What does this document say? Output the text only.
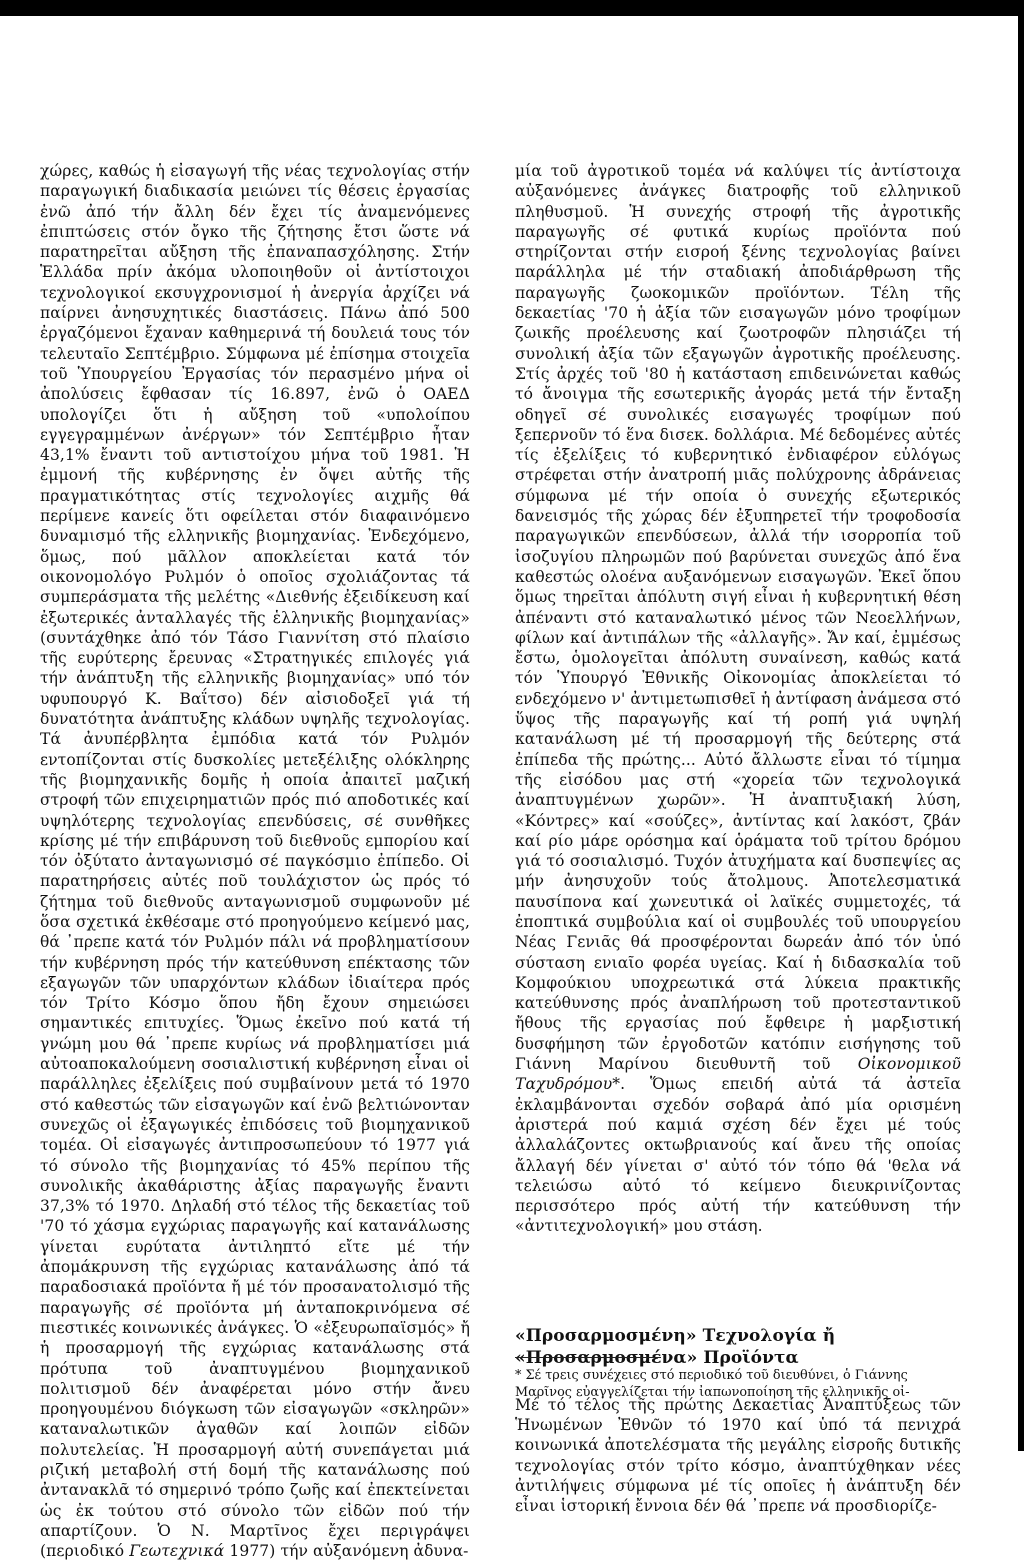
χώρες, καθώς ἡ εἰσαγωγή τῆς νέας τεχνολογίας στήν παραγωγική διαδικασία μειώνει τίς θέσεις ἐργασίας ἐνῶ ἀπό τήν ἄλλη δέν ἔχει τίς ἀναμενόμενες ἐπιπτώσεις στόν ὄγκο τῆς ζήτησης ἔτσι ὥστε νά παρατηρεῖται αὔξηση τῆς ἐπαναπασχόλησης. Στήν Ἑλλάδα πρίν ἀκόμα υλοποιηθοῦν οἱ ἀντίστοιχοι τεχνολογικοί εκσυγχρονισμοί ἡ ἀνεργία ἀρχίζει νά παίρνει ἀνησυχητικές διαστάσεις. Πάνω ἀπό 500 ἐργαζόμενοι ἔχαναν καθημερινά τή δουλειά τους τόν τελευταῖο Σεπτέμβριο. Σύμφωνα μέ ἐπίσημα στοιχεῖα τοῦ Ὑπουργείου Ἐργασίας τόν περασμένο μήνα οἱ ἀπολύσεις ἔφθασαν τίς 16.897, ἐνῶ ὁ ΟΑΕΔ υπολογίζει ὅτι ἡ αὔξηση τοῦ «υπολοίπου εγγεγραμμένων ἀνέργων» τόν Σεπτέμβριο ἦταν 43,1% ἔναντι τοῦ αντιστοίχου μήνα τοῦ 1981. Ἡ ἐμμονή τῆς κυβέρνησης ἐν ὄψει αὐτῆς τῆς πραγματικότητας στίς τεχνολογίες αιχμῆς θά περίμενε κανείς ὅτι οφείλεται στόν διαφαινόμενο δυναμισμό τῆς ελληνικῆς βιομηχανίας. Ἐνδεχόμενο, ὅμως, πού μᾶλλον αποκλείεται κατά τόν οικονομολόγο Ρυλμόν ὁ οποῖος σχολιάζοντας τά συμπεράσματα τῆς μελέτης «Διεθνής ἐξειδίκευση καί ἐξωτερικές ἀνταλλαγές τῆς ἑλληνικῆς βιομηχανίας» (συντάχθηκε ἀπό τόν Τάσο Γιαννίτση στό πλαίσιο τῆς ευρύτερης ἔρευνας «Στρατηγικές επιλογές γιά τήν ἀνάπτυξη τῆς ελληνικῆς βιομηχανίας» υπό τόν υφυπουργό Κ. Βαΐτσο) δέν αἰσιοδοξεῖ γιά τή δυνατότητα ἀνάπτυξης κλάδων υψηλῆς τεχνολογίας. Τά ἀνυπέρβλητα ἐμπόδια κατά τόν Ρυλμόν εντοπίζονται στίς δυσκολίες μετεξέλιξης ολόκληρης τῆς βιομηχανικῆς δομῆς ἡ οποία ἀπαιτεῖ μαζική στροφή τῶν επιχειρηματιῶν πρός πιό αποδοτικές καί υψηλότερης τεχνολογίας επενδύσεις, σέ συνθῆκες κρίσης μέ τήν επιβάρυνση τοῦ διεθνοῦς εμπορίου καί τόν ὀξύτατο ἀνταγωνισμό σέ παγκόσμιο ἐπίπεδο. Οἱ παρατηρήσεις αὐτές ποῦ τουλάχιστον ὡς πρός τό ζήτημα τοῦ διεθνοῦς ανταγωνισμοῦ συμφωνοῦν μέ ὅσα σχετικά ἐκθέσαμε στό προηγούμενο κείμενό μας, θά ᾽πρεπε κατά τόν Ρυλμόν πάλι νά προβληματίσουν τήν κυβέρνηση πρός τήν κατεύθυνση επέκτασης τῶν εξαγωγῶν τῶν υπαρχόντων κλάδων ἰδιαίτερα πρός τόν Τρίτο Κόσμο ὅπου ἤδη ἔχουν σημειώσει σημαντικές επιτυχίες. Ὅμως ἐκεῖνο πού κατά τή γνώμη μου θά ᾽πρεπε κυρίως νά προβληματίσει μιά αὐτοαποκαλούμενη σοσιαλιστική κυβέρνηση εἶναι οἱ παράλληλες ἐξελίξεις πού συμβαίνουν μετά τό 1970 στό καθεστώς τῶν εἰσαγωγῶν καί ἐνῶ βελτιώνονταν συνεχῶς οἱ ἐξαγωγικές ἐπιδόσεις τοῦ βιομηχανικοῦ τομέα. Οἱ εἰσαγωγές ἀντιπροσωπεύουν τό 1977 γιά τό σύνολο τῆς βιομηχανίας τό 45% περίπου τῆς συνολικῆς ἀκαθάριστης ἀξίας παραγωγῆς ἔναντι 37,3% τό 1970. Δηλαδή στό τέλος τῆς δεκαετίας τοῦ '70 τό χάσμα εγχώριας παραγωγῆς καί κατανάλωσης γίνεται ευρύτατα ἀντιληπτό εἴτε μέ τήν ἀπομάκρυνση τῆς εγχώριας κατανάλωσης ἀπό τά παραδοσιακά προϊόντα ἤ μέ τόν προσανατολισμό τῆς παραγωγῆς σέ προϊόντα μή ἀνταποκρινόμενα σέ πιεστικές κοινωνικές ἀνάγκες. Ὁ «ἐξευρωπαϊσμός» ἤ ἡ προσαρμογή τῆς εγχώριας κατανάλωσης στά πρότυπα τοῦ ἀναπτυγμένου βιομηχανικοῦ πολιτισμοῦ δέν ἀναφέρεται μόνο στήν ἄνευ προηγουμένου διόγκωση τῶν εἰσαγωγῶν «σκληρῶν» καταναλωτικῶν ἀγαθῶν καί λοιπῶν εἰδῶν πολυτελείας. Ἡ προσαρμογή αὐτή συνεπάγεται μιά ριζική μεταβολή στή δομή τῆς κατανάλωσης πού ἀντανακλᾶ τό σημερινό τρόπο ζωῆς καί ἐπεκτείνεται ὡς ἐκ τούτου στό σύνολο τῶν εἰδῶν πού τήν απαρτίζουν. Ὁ Ν. Μαρτῖνος ἔχει περιγράψει (περιοδικό Γεωτεχνικά 1977) τήν αὐξανόμενη ἀδυνα-

μία τοῦ ἀγροτικοῦ τομέα νά καλύψει τίς ἀντίστοιχα αὐξανόμενες ἀνάγκες διατροφῆς τοῦ ελληνικοῦ πληθυσμοῦ. Ἡ συνεχής στροφή τῆς ἀγροτικῆς παραγωγῆς σέ φυτικά κυρίως προϊόντα πού στηρίζονται στήν εισροή ξένης τεχνολογίας βαίνει παράλληλα μέ τήν σταδιακή ἀποδιάρθρωση τῆς παραγωγῆς ζωοκομικῶν προϊόντων. Τέλη τῆς δεκαετίας '70 ἡ ἀξία τῶν εισαγωγῶν μόνο τροφίμων ζωικῆς προέλευσης καί ζωοτροφῶν πλησιάζει τή συνολική ἀξία τῶν εξαγωγῶν ἀγροτικῆς προέλευσης. Στίς ἀρχές τοῦ '80 ἡ κατάσταση επιδεινώνεται καθώς τό ἄνοιγμα τῆς εσωτερικῆς ἀγοράς μετά τήν ἔνταξη οδηγεῖ σέ συνολικές εισαγωγές τροφίμων πού ξεπερνοῦν τό ἕνα δισεκ. δολλάρια. Μέ δεδομένες αὐτές τίς ἐξελίξεις τό κυβερνητικό ἐνδιαφέρον εὐλόγως στρέφεται στήν ἀνατροπή μιᾶς πολύχρονης ἀδράνειας σύμφωνα μέ τήν οποία ὁ συνεχής εξωτερικός δανεισμός τῆς χώρας δέν ἐξυπηρετεῖ τήν τροφοδοσία παραγωγικῶν επενδύσεων, ἀλλά τήν ισορροπία τοῦ ἰσοζυγίου πληρωμῶν πού βαρύνεται συνεχῶς ἀπό ἕνα καθεστώς ολοένα αυξανόμενων εισαγωγῶν. Ἐκεῖ ὅπου ὅμως τηρεῖται ἀπόλυτη σιγή εἶναι ἡ κυβερνητική θέση ἀπέναντι στό καταναλωτικό μένος τῶν Νεοελλήνων, φίλων καί ἀντιπάλων τῆς «ἀλλαγῆς». Ἄν καί, ἐμμέσως ἔστω, ὁμολογεῖται ἀπόλυτη συναίνεση, καθώς κατά τόν Ὑπουργό Ἐθνικῆς Οἰκονομίας ἀποκλείεται τό ενδεχόμενο ν' ἀντιμετωπισθεῖ ἡ ἀντίφαση ἀνάμεσα στό ὕψος τῆς παραγωγῆς καί τή ροπή γιά υψηλή κατανάλωση μέ τή προσαρμογή τῆς δεύτερης στά ἐπίπεδα τῆς πρώτης... Αὐτό ἄλλωστε εἶναι τό τίμημα τῆς εἰσόδου μας στή «χορεία τῶν τεχνολογικά ἀναπτυγμένων χωρῶν». Ἡ ἀναπτυξιακή λύση, «Κόντρες» καί «σούζες», ἀντίντας καί λακόστ, ζβάν καί ρίο μάρε ορόσημα καί ὁράματα τοῦ τρίτου δρόμου γιά τό σοσιαλισμό. Τυχόν ἀτυχήματα καί δυσπεψίες ας μήν ἀνησυχοῦν τούς ἄτολμους. Ἀποτελεσματικά παυσίπονα καί χωνευτικά οἱ λαϊκές συμμετοχές, τά ἐποπτικά συμβούλια καί οἱ συμβουλές τοῦ υπουργείου Νέας Γενιᾶς θά προσφέρονται δωρεάν ἀπό τόν ὑπό σύσταση ενιαῖο φορέα υγείας. Καί ἡ διδασκαλία τοῦ Κομφούκιου υποχρεωτικά στά λύκεια πρακτικῆς κατεύθυνσης πρός ἀναπλήρωση τοῦ προτεσταντικοῦ ἤθους τῆς εργασίας πού ἔφθειρε ἡ μαρξιστική δυσφήμηση τῶν ἐργοδοτῶν κατόπιν εισήγησης τοῦ Γιάννη Μαρίνου διευθυντῆ τοῦ Οἰκονομικοῦ Ταχυδρόμου*. Ὅμως επειδή αὐτά τά ἀστεῖα ἐκλαμβάνονται σχεδόν σοβαρά ἀπό μία ορισμένη ἀριστερά πού καμιά σχέση δέν ἔχει μέ τούς ἀλλαλάζοντες οκτωβριανούς καί ἄνευ τῆς οποίας ἄλλαγή δέν γίνεται σ' αὐτό τόν τόπο θά 'θελα νά τελειώσω αὐτό τό κείμενο διευκρινίζοντας περισσότερο πρός αὐτή τήν κατεύθυνση τήν «ἀντιτεχνολογική» μου στάση.

«Προσαρμοσμένη» Τεχνολογία ἤ «Προσαρμοσμένα» Προϊόντα

Μέ τό τέλος τῆς πρώτης Δεκαετίας Ἀναπτύξεως τῶν Ἡνωμένων Ἐθνῶν τό 1970 καί ὑπό τά πενιχρά κοινωνικά ἀποτελέσματα τῆς μεγάλης εἰσροῆς δυτικῆς τεχνολογίας στόν τρίτο κόσμο, ἀναπτύχθηκαν νέες ἀντιλήψεις σύμφωνα μέ τίς οποῖες ἡ ἀνάπτυξη δέν εἶναι ἱστορική ἔννοια δέν θά ᾽πρεπε νά προσδιορίζε-

* Σέ τρεις συνέχειες στό περιοδικό τοῦ διευθύνει, ὁ Γιάννης Μαρῖνος εὐαγγελίζεται τήν ἰαπωνοποίηση τῆς ελληνικῆς οἰ-
